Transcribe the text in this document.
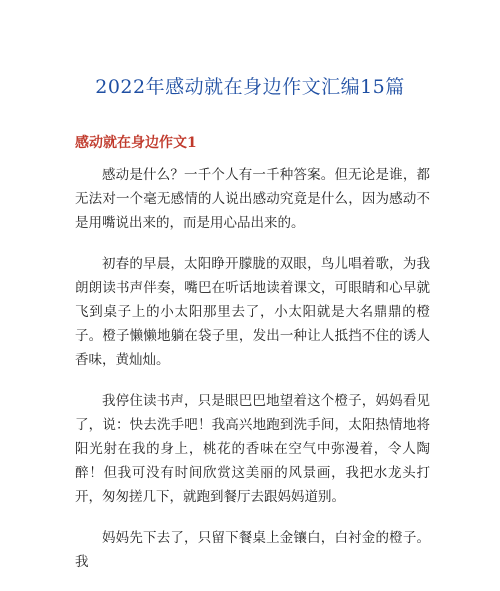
2022年感动就在身边作文汇编15篇
感动就在身边作文1

感动是什么？一千个人有一千种答案。但无论是谁，都无法对一个毫无感情的人说出感动究竟是什么，因为感动不是用嘴说出来的，而是用心品出来的。

初春的早晨，太阳睁开朦胧的双眼，鸟儿唱着歌，为我朗朗读书声伴奏，嘴巴在听话地读着课文，可眼睛和心早就飞到桌子上的小太阳那里去了，小太阳就是大名鼎鼎的橙子。橙子懒懒地躺在袋子里，发出一种让人抵挡不住的诱人香味，黄灿灿。

我停住读书声，只是眼巴巴地望着这个橙子，妈妈看见了，说：快去洗手吧！我高兴地跑到洗手间，太阳热情地将阳光射在我的身上，桃花的香味在空气中弥漫着，令人陶醉！但我可没有时间欣赏这美丽的风景画，我把水龙头打开，匆匆搓几下，就跑到餐厅去跟妈妈道别。

妈妈先下去了，只留下餐桌上金镶白，白衬金的橙子。我
